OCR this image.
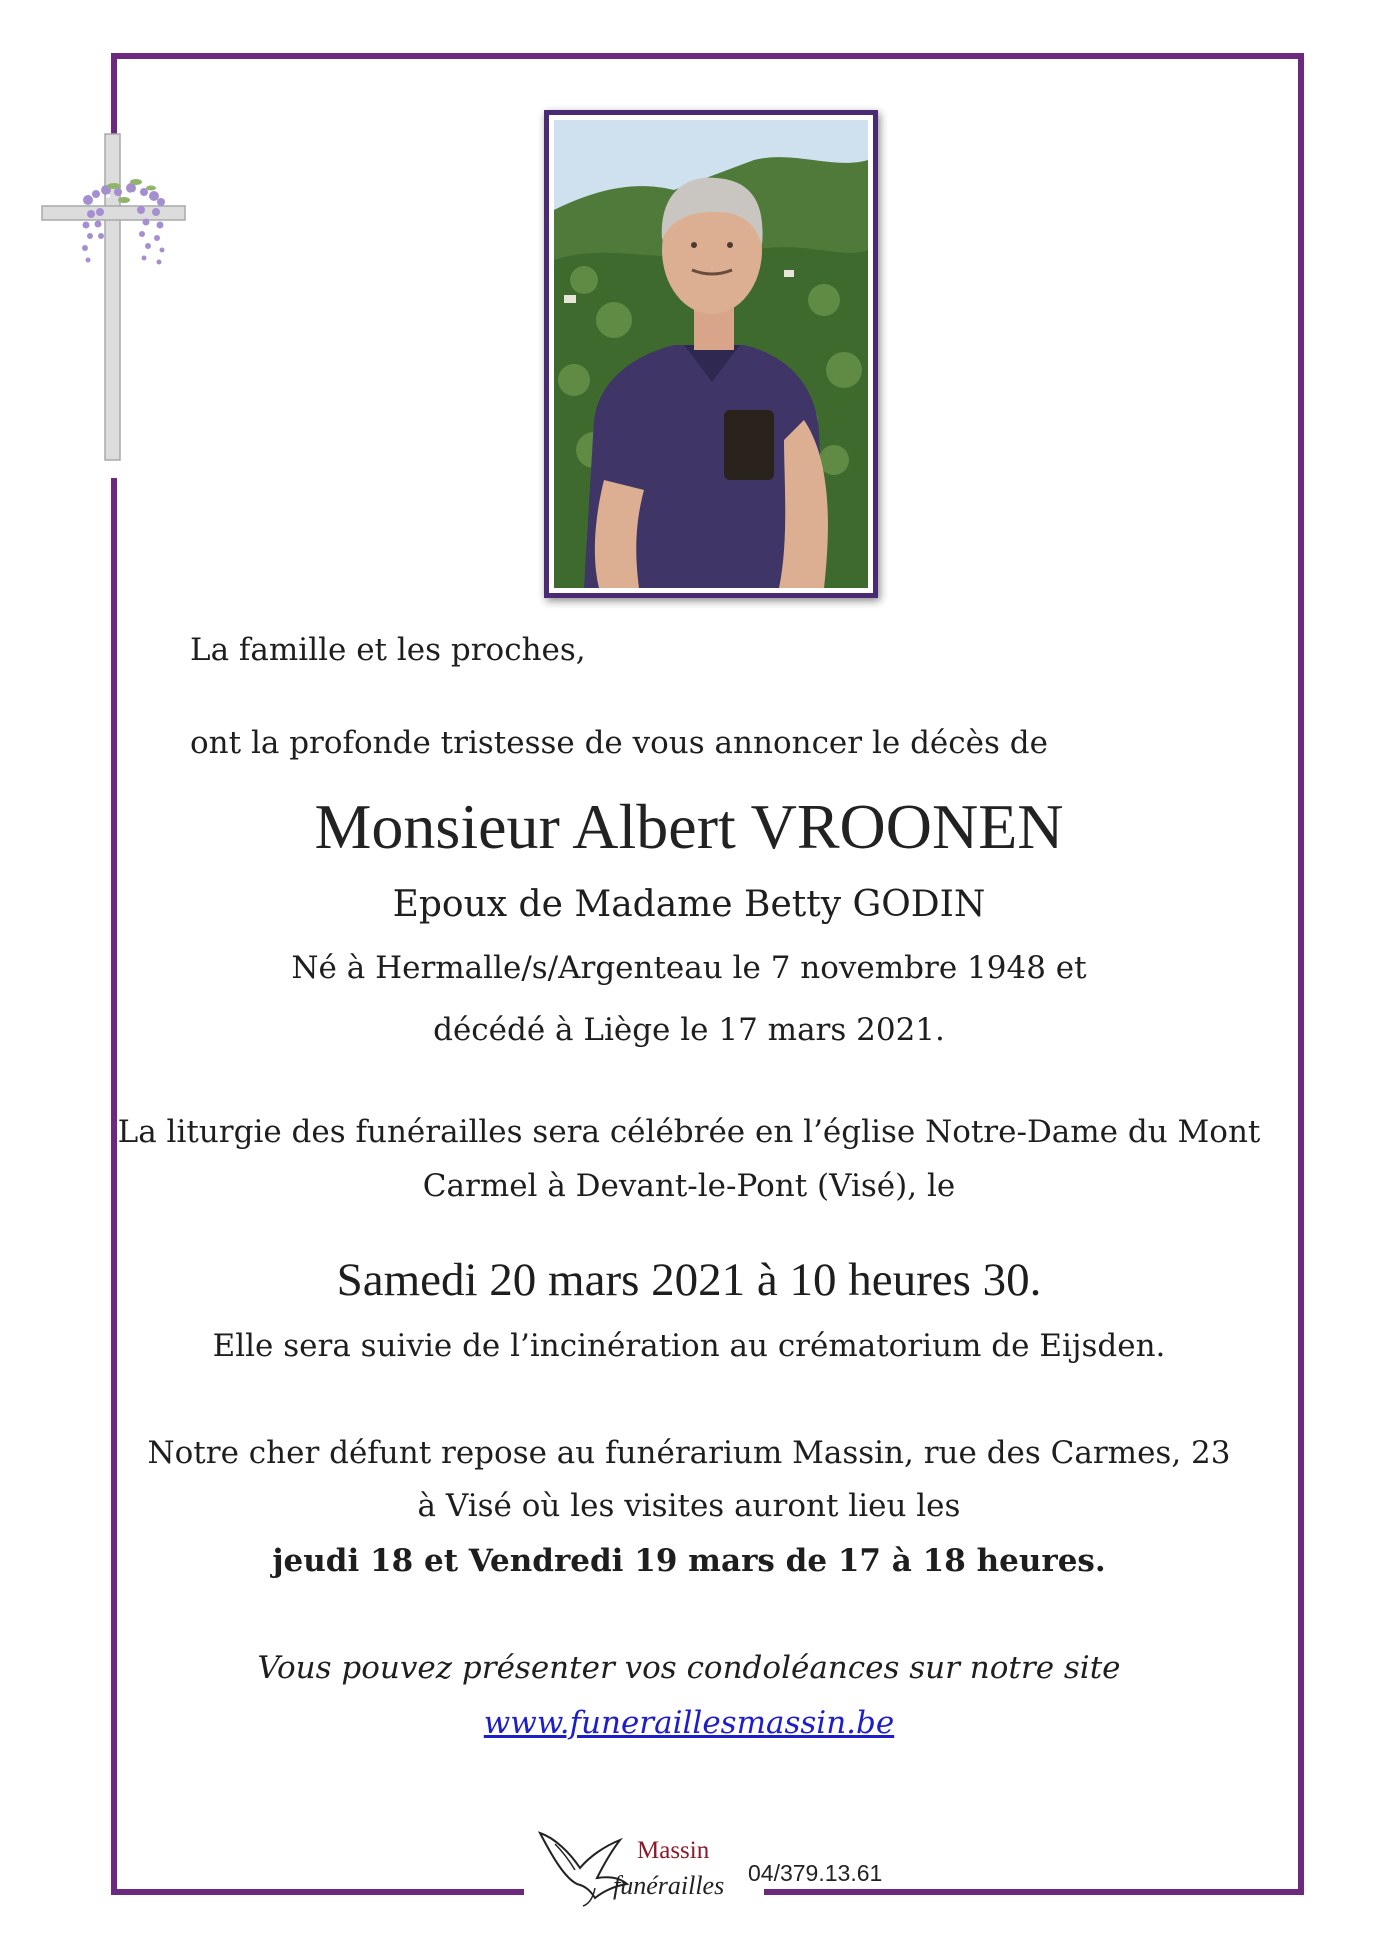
La famille et les proches,
ont la profonde tristesse de vous annoncer le décès de
Monsieur Albert VROONEN
Epoux de Madame Betty GODIN
Né à Hermalle/s/Argenteau le 7 novembre 1948 et
décédé à Liège le 17 mars 2021.
La liturgie des funérailles sera célébrée en l’église Notre-Dame du Mont
Carmel à Devant-le-Pont (Visé), le
Samedi 20 mars 2021 à 10 heures 30.
Elle sera suivie de l’incinération au crématorium de Eijsden.
Notre cher défunt repose au funérarium Massin, rue des Carmes, 23
à Visé où les visites auront lieu les
jeudi 18 et Vendredi 19 mars de 17 à 18 heures.
Vous pouvez présenter vos condoléances sur notre site
www.funeraillesmassin.be
Massin
funérailles 04/379.13.61
